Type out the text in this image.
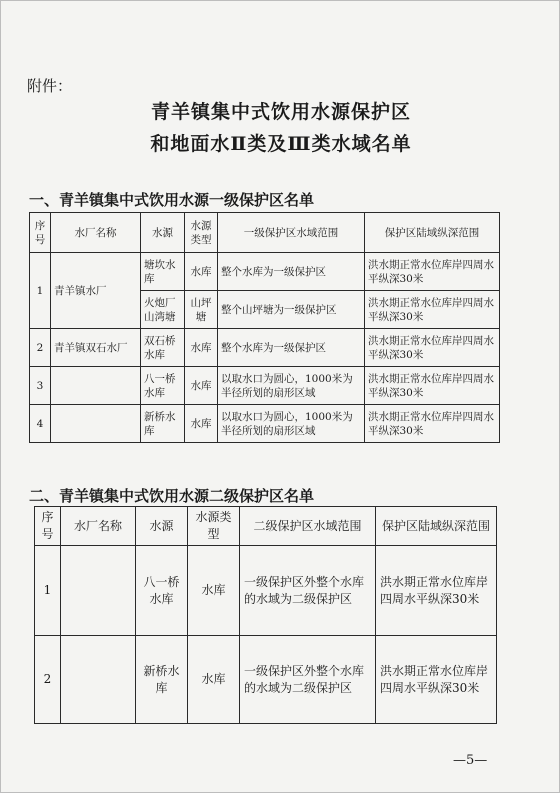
附件：
青羊镇集中式饮用水源保护区
和地面水Ⅱ类及Ⅲ类水域名单
一、青羊镇集中式饮用水源一级保护区名单
序号	水厂名称	水源	水源类型	一级保护区水域范围	保护区陆域纵深范围
1	青羊镇水厂	塘坎水库	水库	整个水库为一级保护区	洪水期正常水位库岸四周水平纵深30米
		火炮厂山湾塘	山坪塘	整个山坪塘为一级保护区	洪水期正常水位库岸四周水平纵深30米
2	青羊镇双石水厂	双石桥水库	水库	整个水库为一级保护区	洪水期正常水位库岸四周水平纵深30米
3		八一桥水库	水库	以取水口为圆心，1000米为半径所划的扇形区域	洪水期正常水位库岸四周水平纵深30米
4		新桥水库	水库	以取水口为圆心，1000米为半径所划的扇形区域	洪水期正常水位库岸四周水平纵深30米
二、青羊镇集中式饮用水源二级保护区名单
序号	水厂名称	水源	水源类型	二级保护区水域范围	保护区陆域纵深范围
1		八一桥水库	水库	一级保护区外整个水库的水域为二级保护区	洪水期正常水位库岸四周水平纵深30米
2		新桥水库	水库	一级保护区外整个水库的水域为二级保护区	洪水期正常水位库岸四周水平纵深30米
—5—
